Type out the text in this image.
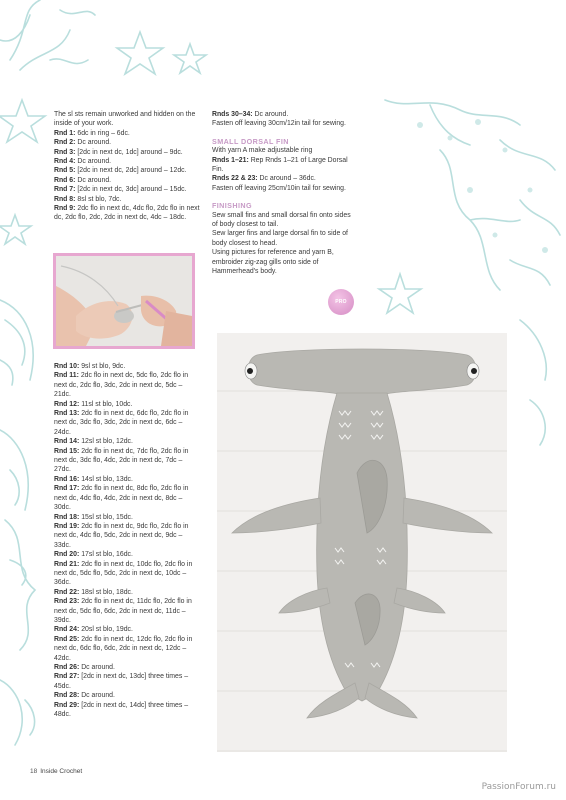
The sl sts remain unworked and hidden on the inside of your work.

Rnd 1: 6dc in ring – 6dc.

Rnd 2: Dc around.

Rnd 3: [2dc in next dc, 1dc] around – 9dc.

Rnd 4: Dc around.

Rnd 5: [2dc in next dc, 2dc] around – 12dc.

Rnd 6: Dc around.

Rnd 7: [2dc in next dc, 3dc] around – 15dc.

Rnd 8: 8sl st blo, 7dc.

Rnd 9: 2dc flo in next dc, 4dc flo, 2dc flo in next dc, 2dc flo, 2dc, 2dc in next dc, 4dc – 18dc.

Rnd 10: 9sl st blo, 9dc.

Rnd 11: 2dc flo in next dc, 5dc flo, 2dc flo in next dc, 2dc flo, 3dc, 2dc in next dc, 5dc – 21dc.

Rnd 12: 11sl st blo, 10dc.

Rnd 13: 2dc flo in next dc, 6dc flo, 2dc flo in next dc, 3dc flo, 3dc, 2dc in next dc, 6dc – 24dc.

Rnd 14: 12sl st blo, 12dc.

Rnd 15: 2dc flo in next dc, 7dc flo, 2dc flo in next dc, 3dc flo, 4dc, 2dc in next dc, 7dc – 27dc.

Rnd 16: 14sl st blo, 13dc.

Rnd 17: 2dc flo in next dc, 8dc flo, 2dc flo in next dc, 4dc flo, 4dc, 2dc in next dc, 8dc – 30dc.

Rnd 18: 15sl st blo, 15dc.

Rnd 19: 2dc flo in next dc, 9dc flo, 2dc flo in next dc, 4dc flo, 5dc, 2dc in next dc, 9dc – 33dc.

Rnd 20: 17sl st blo, 16dc.

Rnd 21: 2dc flo in next dc, 10dc flo, 2dc flo in next dc, 5dc flo, 5dc, 2dc in next dc, 10dc – 36dc.

Rnd 22: 18sl st blo, 18dc.

Rnd 23: 2dc flo in next dc, 11dc flo, 2dc flo in next dc, 5dc flo, 6dc, 2dc in next dc, 11dc – 39dc.

Rnd 24: 20sl st blo, 19dc.

Rnd 25: 2dc flo in next dc, 12dc flo, 2dc flo in next dc, 6dc flo, 6dc, 2dc in next dc, 12dc – 42dc.

Rnd 26: Dc around.

Rnd 27: [2dc in next dc, 13dc] three times – 45dc.

Rnd 28: Dc around.

Rnd 29: [2dc in next dc, 14dc] three times – 48dc.

Rnds 30–34: Dc around.

Fasten off leaving 30cm/12in tail for sewing.

SMALL DORSAL FIN

With yarn A make adjustable ring

Rnds 1–21: Rep Rnds 1–21 of Large Dorsal Fin.

Rnds 22 & 23: Dc around – 36dc.

Fasten off leaving 25cm/10in tail for sewing.

FINISHING

Sew small fins and small dorsal fin onto sides of body closest to tail.

Sew larger fins and large dorsal fin to side of body closest to head.

Using pictures for reference and yarn B, embroider zig-zag gills onto side of Hammerhead's body.

PRO
18 Inside Crochet
PassionForum.ru
